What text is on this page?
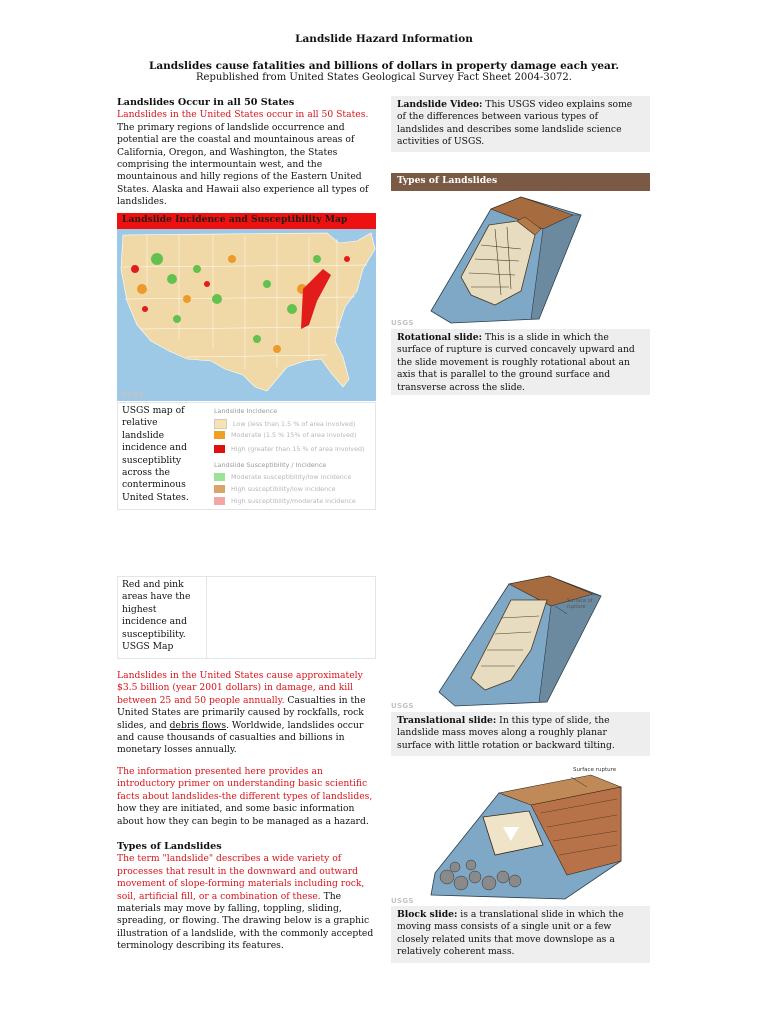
Landslide Hazard Information
Landslides cause fatalities and billions of dollars in property damage each year.
Republished from United States Geological Survey Fact Sheet 2004-3072.
Landslides Occur in all 50 States
Landslides in the United States occur in all 50 States. The primary regions of landslide occurrence and potential are the coastal and mountainous areas of California, Oregon, and Washington, the States comprising the intermountain west, and the mountainous and hilly regions of the Eastern United States. Alaska and Hawaii also experience all types of landslides.
Landslide Incidence and Susceptibility Map
USGS
USGS map of relative landslide incidence and susceptiblity across the conterminous United States.
Landslide Incidence
Low (less than 1.5 % of area involved)
Moderate (1.5 % 15% of area involved)
High (greater than 15 % of area involved)
Landslide Susceptibility / Incidence
Moderate susceptibility/low incidence
High susceptibility/low incidence
High susceptibility/moderate incidence
Red and pink areas have the highest incidence and susceptibility. USGS Map
Landslides in the United States cause approximately $3.5 billion (year 2001 dollars) in damage, and kill between 25 and 50 people annually. Casualties in the United States are primarily caused by rockfalls, rock slides, and debris flows. Worldwide, landslides occur and cause thousands of casualties and billions in monetary losses annually.
The information presented here provides an introductory primer on understanding basic scientific facts about landslides-the different types of landslides, how they are initiated, and some basic information about how they can begin to be managed as a hazard.
Types of Landslides
The term "landslide" describes a wide variety of processes that result in the downward and outward movement of slope-forming materials including rock, soil, artificial fill, or a combination of these. The materials may move by falling, toppling, sliding, spreading, or flowing. The drawing below is a graphic illustration of a landslide, with the commonly accepted terminology describing its features.
Landslide Video: This USGS video explains some of the differences between various types of landslides and describes some landslide science activities of USGS.
Types of Landslides
USGS
Rotational slide: This is a slide in which the surface of rupture is curved concavely upward and the slide movement is roughly rotational about an axis that is parallel to the ground surface and transverse across the slide.
Surface of rupture
USGS
Translational slide: In this type of slide, the landslide mass moves along a roughly planar surface with little rotation or backward tilting.
Surface rupture
USGS
Block slide: is a translational slide in which the moving mass consists of a single unit or a few closely related units that move downslope as a relatively coherent mass.
